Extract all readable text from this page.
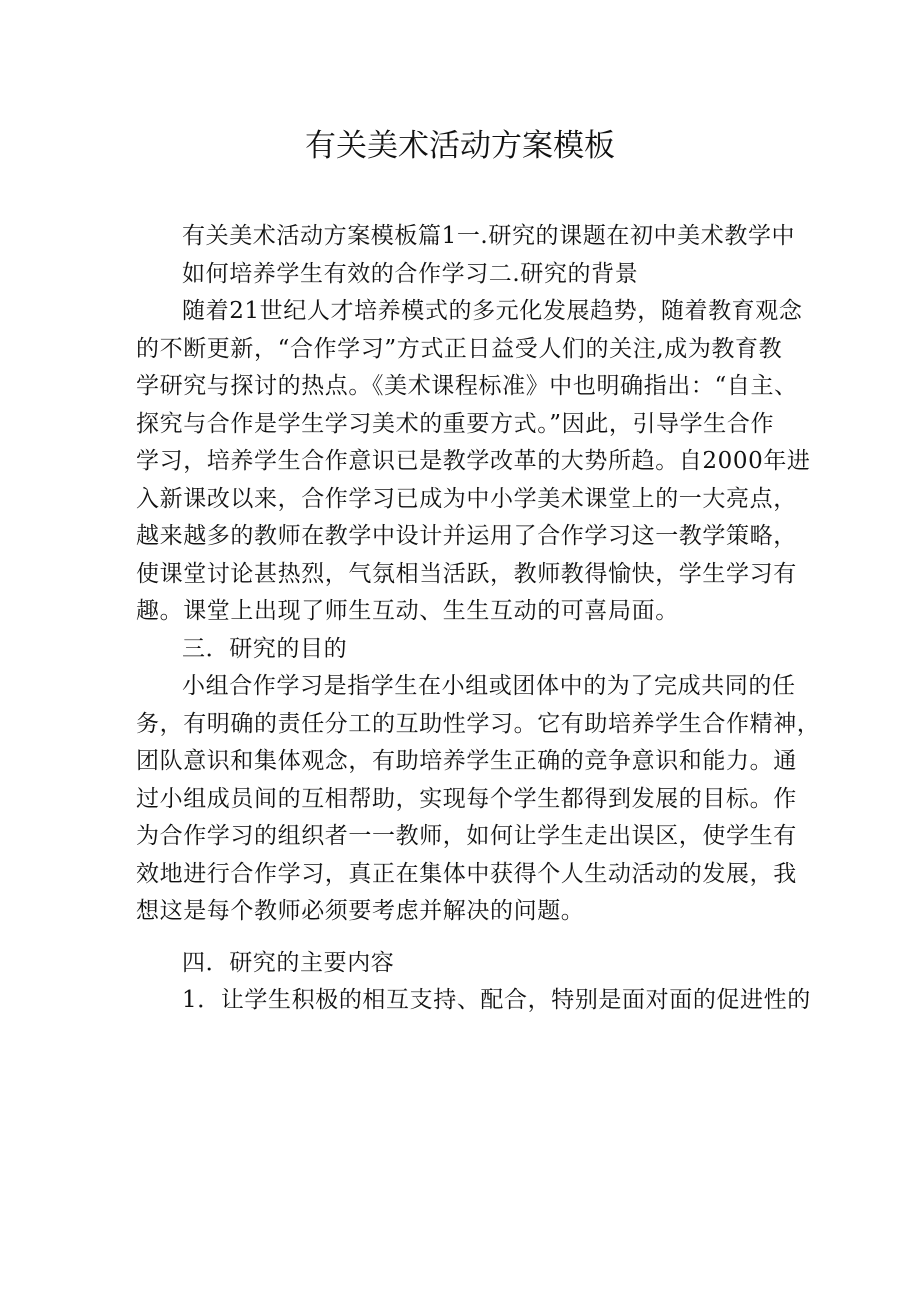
有关美术活动方案模板
有关美术活动方案模板篇1一.研究的课题在初中美术教学中
如何培养学生有效的合作学习二.研究的背景
随着21世纪人才培养模式的多元化发展趋势，随着教育观念
的不断更新，“合作学习”方式正日益受人们的关注,成为教育教
学研究与探讨的热点。《美术课程标准》中也明确指出：“自主、
探究与合作是学生学习美术的重要方式。”因此，引导学生合作
学习，培养学生合作意识已是教学改革的大势所趋。自2000年进
入新课改以来，合作学习已成为中小学美术课堂上的一大亮点，
越来越多的教师在教学中设计并运用了合作学习这一教学策略，
使课堂讨论甚热烈，气氛相当活跃，教师教得愉快，学生学习有
趣。课堂上出现了师生互动、生生互动的可喜局面。
三．研究的目的
小组合作学习是指学生在小组或团体中的为了完成共同的任
务，有明确的责任分工的互助性学习。它有助培养学生合作精神，
团队意识和集体观念，有助培养学生正确的竞争意识和能力。通
过小组成员间的互相帮助，实现每个学生都得到发展的目标。作
为合作学习的组织者一一教师，如何让学生走出误区，使学生有
效地进行合作学习，真正在集体中获得个人生动活动的发展，我
想这是每个教师必须要考虑并解决的问题。
四．研究的主要内容
1．让学生积极的相互支持、配合，特别是面对面的促进性的
